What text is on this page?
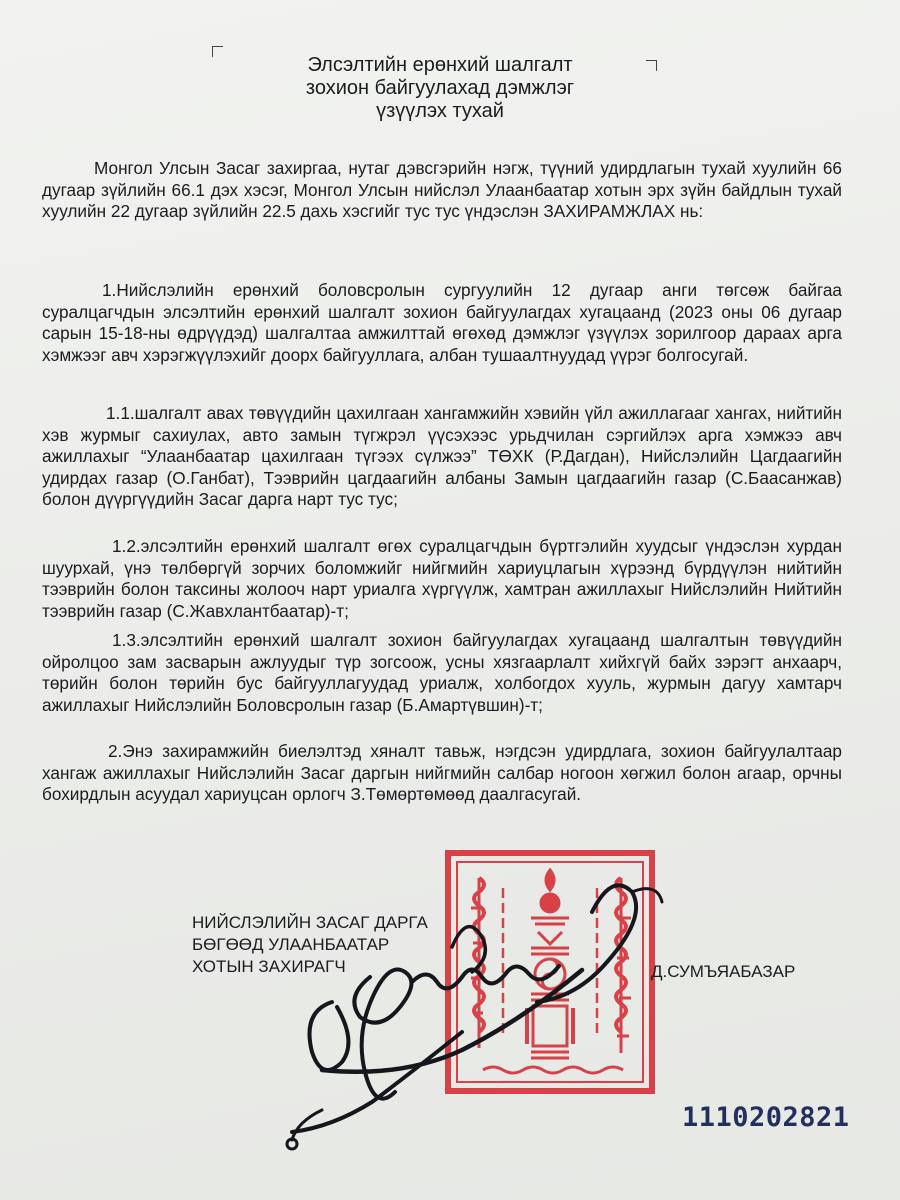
Элсэлтийн ерөнхий шалгалт
зохион байгуулахад дэмжлэг
үзүүлэх тухай

Монгол Улсын Засаг захиргаа, нутаг дэвсгэрийн нэгж, түүний удирдлагын тухай хуулийн 66 дугаар зүйлийн 66.1 дэх хэсэг, Монгол Улсын нийслэл Улаанбаатар хотын эрх зүйн байдлын тухай хуулийн 22 дугаар зүйлийн 22.5 дахь хэсгийг тус тус үндэслэн ЗАХИРАМЖЛАХ нь:

1.Нийслэлийн ерөнхий боловсролын сургуулийн 12 дугаар анги төгсөж байгаа суралцагчдын элсэлтийн ерөнхий шалгалт зохион байгуулагдах хугацаанд (2023 оны 06 дугаар сарын 15-18-ны өдрүүдэд) шалгалтаа амжилттай өгөхөд дэмжлэг үзүүлэх зорилгоор дараах арга хэмжээг авч хэрэгжүүлэхийг доорх байгууллага, албан тушаалтнуудад үүрэг болгосугай.

1.1.шалгалт авах төвүүдийн цахилгаан хангамжийн хэвийн үйл ажиллагааг хангах, нийтийн хэв журмыг сахиулах, авто замын түгжрэл үүсэхээс урьдчилан сэргийлэх арга хэмжээ авч ажиллахыг “Улаанбаатар цахилгаан түгээх сүлжээ” ТӨХК (Р.Дагдан), Нийслэлийн Цагдаагийн удирдах газар (О.Ганбат), Тээврийн цагдаагийн албаны Замын цагдаагийн газар (С.Баасанжав) болон дүүргүүдийн Засаг дарга нарт тус тус;

1.2.элсэлтийн ерөнхий шалгалт өгөх суралцагчдын бүртгэлийн хуудсыг үндэслэн хурдан шуурхай, үнэ төлбөргүй зорчих боломжийг нийгмийн хариуцлагын хүрээнд бүрдүүлэн нийтийн тээврийн болон таксины жолооч нарт уриалга хүргүүлж, хамтран ажиллахыг Нийслэлийн Нийтийн тээврийн газар (С.Жавхлантбаатар)-т;

1.3.элсэлтийн ерөнхий шалгалт зохион байгуулагдах хугацаанд шалгалтын төвүүдийн ойролцоо зам засварын ажлуудыг түр зогсоож, усны хязгаарлалт хийхгүй байх зэрэгт анхаарч, төрийн болон төрийн бус байгууллагуудад уриалж, холбогдох хууль, журмын дагуу хамтарч ажиллахыг Нийслэлийн Боловсролын газар (Б.Амартүвшин)-т;

2.Энэ захирамжийн биелэлтэд хяналт тавьж, нэгдсэн удирдлага, зохион байгуулалтаар хангаж ажиллахыг Нийслэлийн Засаг даргын нийгмийн салбар ногоон хөгжил болон агаар, орчны бохирдлын асуудал хариуцсан орлогч З.Төмөртөмөөд даалгасугай.

НИЙСЛЭЛИЙН ЗАСАГ ДАРГА
БӨГӨӨД УЛААНБААТАР
ХОТЫН ЗАХИРАГЧ	Д.СУМЪЯАБАЗАР
1110202821
